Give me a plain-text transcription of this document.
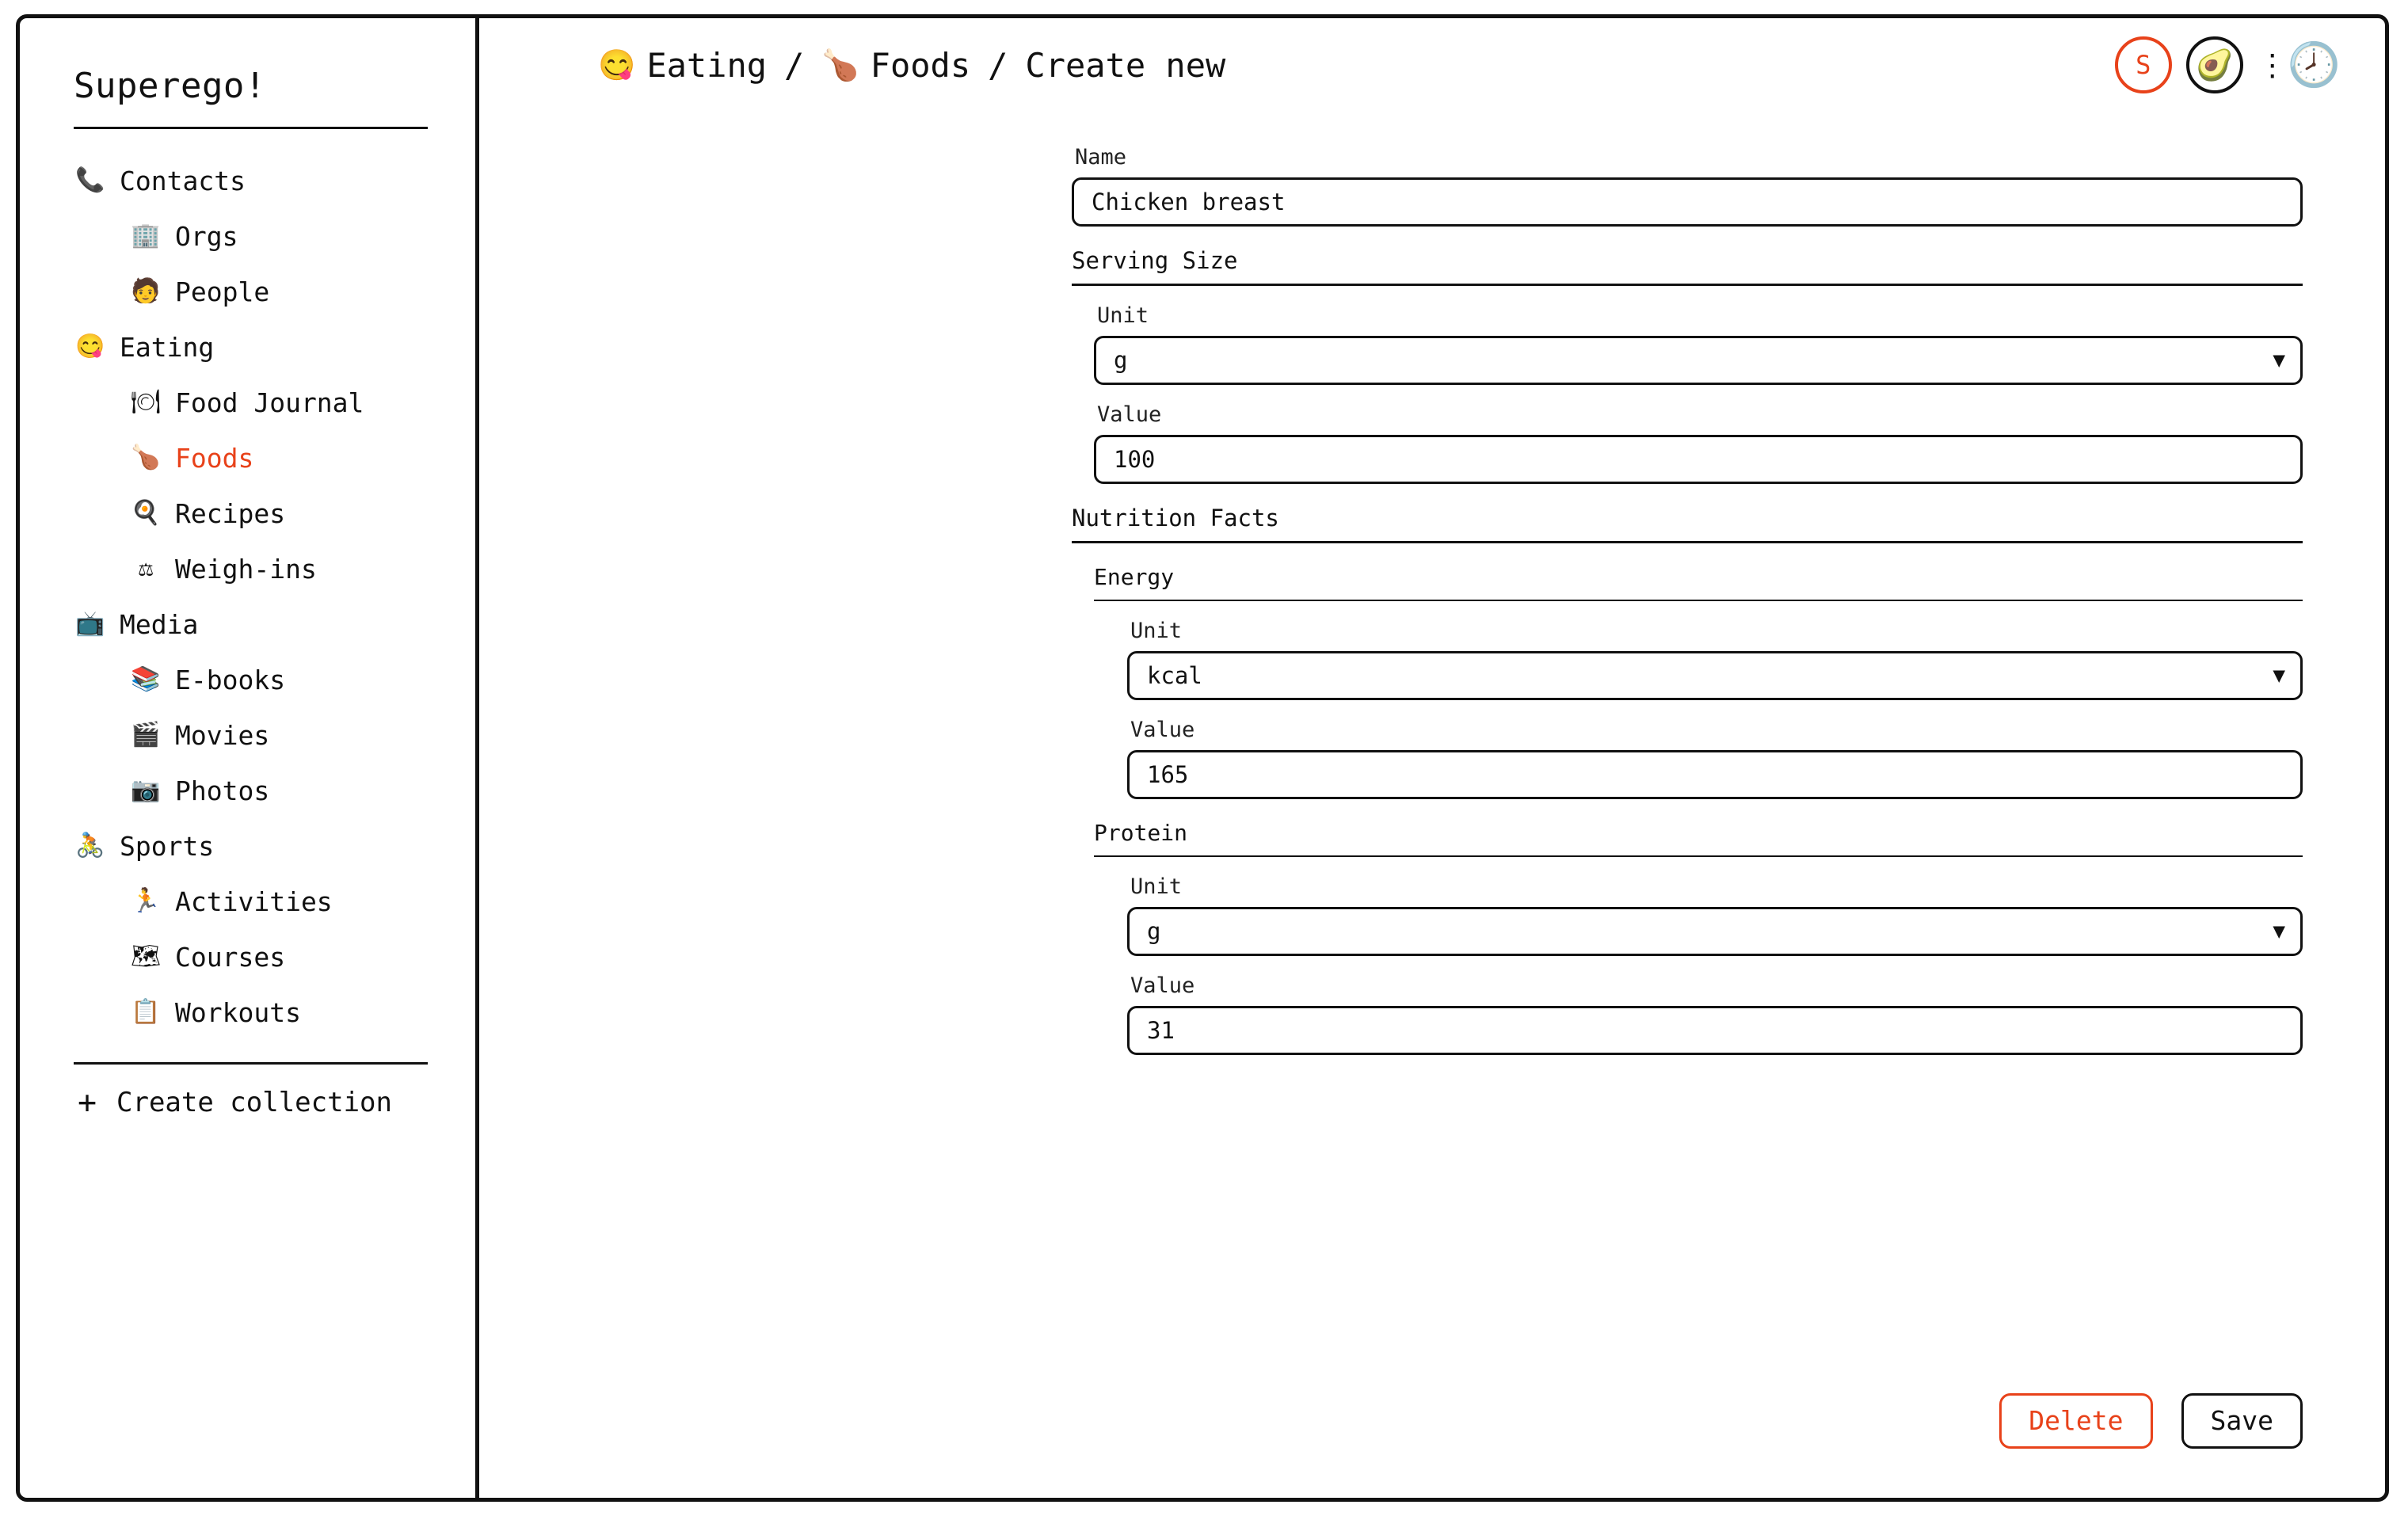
Superego!
📞 Contacts
🏢 Orgs
🧑 People
😋 Eating
🍽 Food Journal
🍗 Foods
🍳 Recipes
⚖ Weigh-ins
📺 Media
📚 E-books
🎬 Movies
📷 Photos
🚴 Sports
🏃 Activities
🗺 Courses
📋 Workouts
+ Create collection
😋 Eating / 🍗 Foods / Create new	S	🥑 ⋮ 🕗
Name
Chicken breast
Serving Size
Unit
g	▼
Value
100
Nutrition Facts
Energy
Unit
kcal	▼
Value
165
Protein
Unit
g	▼
Value
31
Delete	Save
